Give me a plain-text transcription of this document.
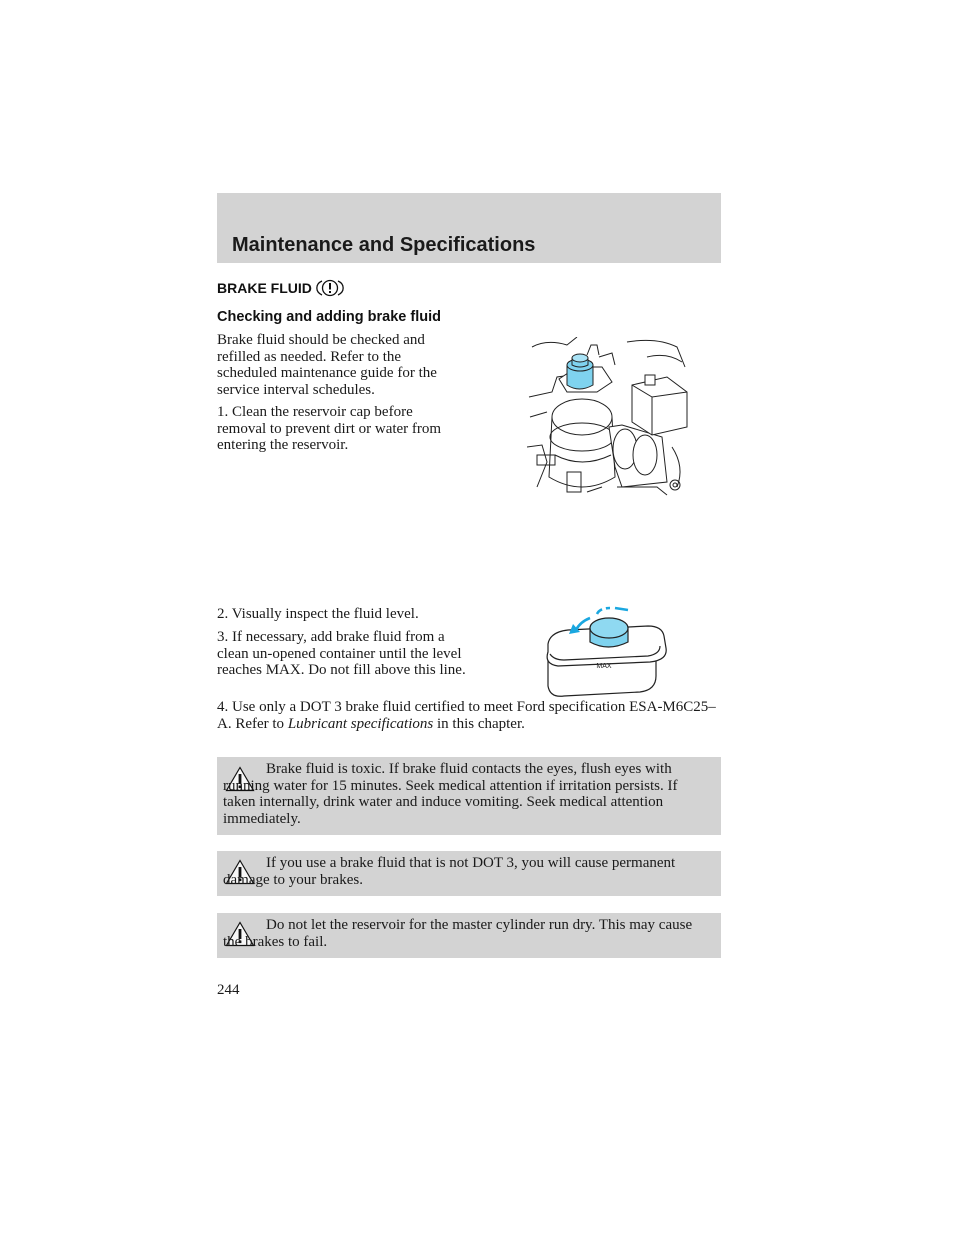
Maintenance and Specifications
BRAKE FLUID
Checking and adding brake fluid

Brake fluid should be checked and refilled as needed. Refer to the scheduled maintenance guide for the service interval schedules.

1. Clean the reservoir cap before removal to prevent dirt or water from entering the reservoir.

2. Visually inspect the fluid level.

3. If necessary, add brake fluid from a clean un-opened container until the level reaches MAX. Do not fill above this line.	MAX

4. Use only a DOT 3 brake fluid certified to meet Ford specification ESA-M6C25–A. Refer to Lubricant specifications in this chapter.

Brake fluid is toxic. If brake fluid contacts the eyes, flush eyes with running water for 15 minutes. Seek medical attention if irritation persists. If taken internally, drink water and induce vomiting. Seek medical attention immediately.

If you use a brake fluid that is not DOT 3, you will cause permanent damage to your brakes.

Do not let the reservoir for the master cylinder run dry. This may cause the brakes to fail.

244
